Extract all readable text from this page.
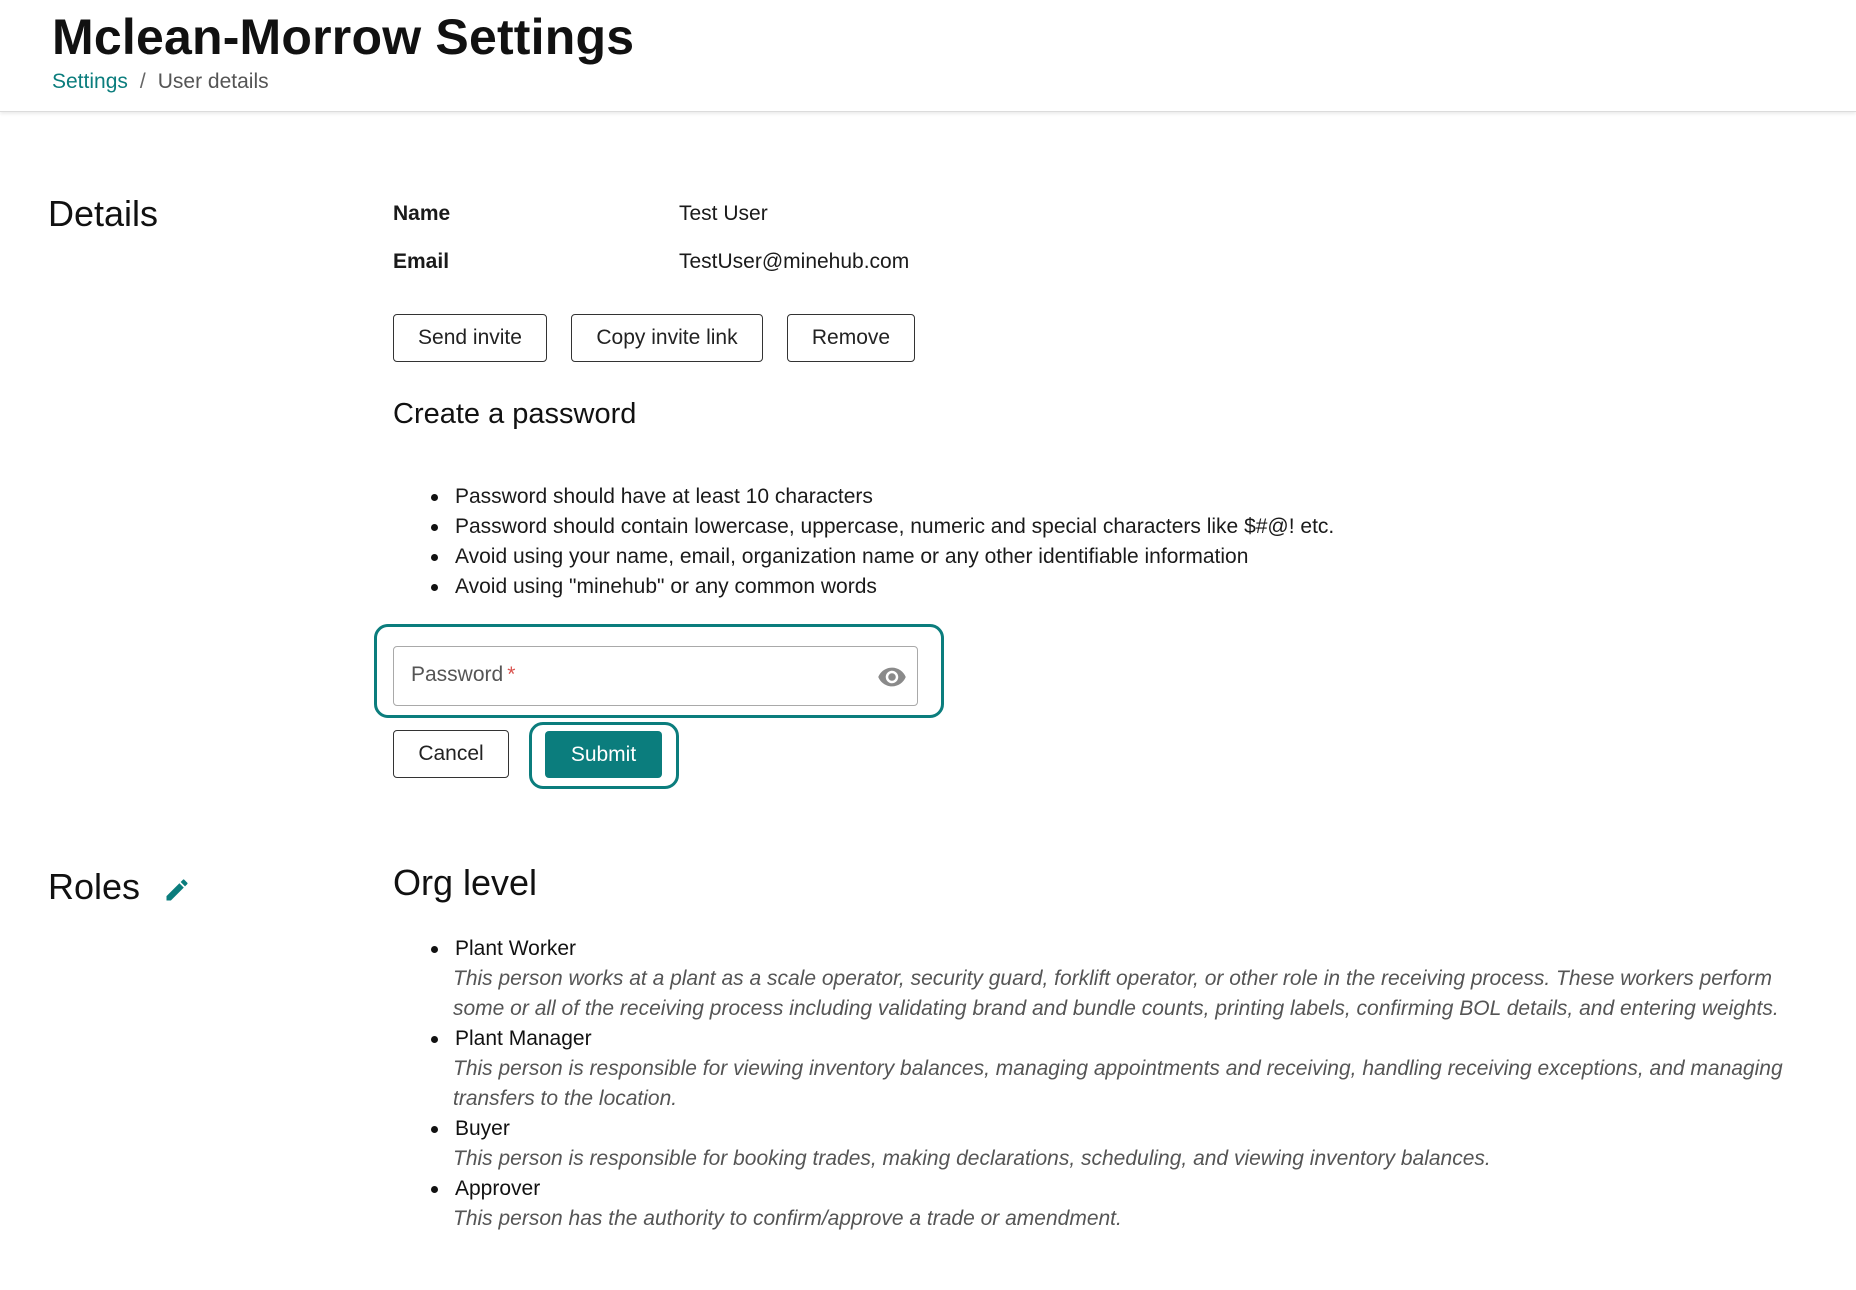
Mclean-Morrow Settings
Settings / User details
Details	Name	Test User
Email	TestUser@minehub.com
Send invite	Copy invite link	Remove
Create a password
Password should have at least 10 characters
Password should contain lowercase, uppercase, numeric and special characters like $#@! etc.
Avoid using your name, email, organization name or any other identifiable information
Avoid using "minehub" or any common words
Password *
Cancel	Submit
Roles	Org level
Plant Worker
This person works at a plant as a scale operator, security guard, forklift operator, or other role in the receiving process. These workers perform some or all of the receiving process including validating brand and bundle counts, printing labels, confirming BOL details, and entering weights.
Plant Manager
This person is responsible for viewing inventory balances, managing appointments and receiving, handling receiving exceptions, and managing transfers to the location.
Buyer
This person is responsible for booking trades, making declarations, scheduling, and viewing inventory balances.
Approver
This person has the authority to confirm/approve a trade or amendment.
